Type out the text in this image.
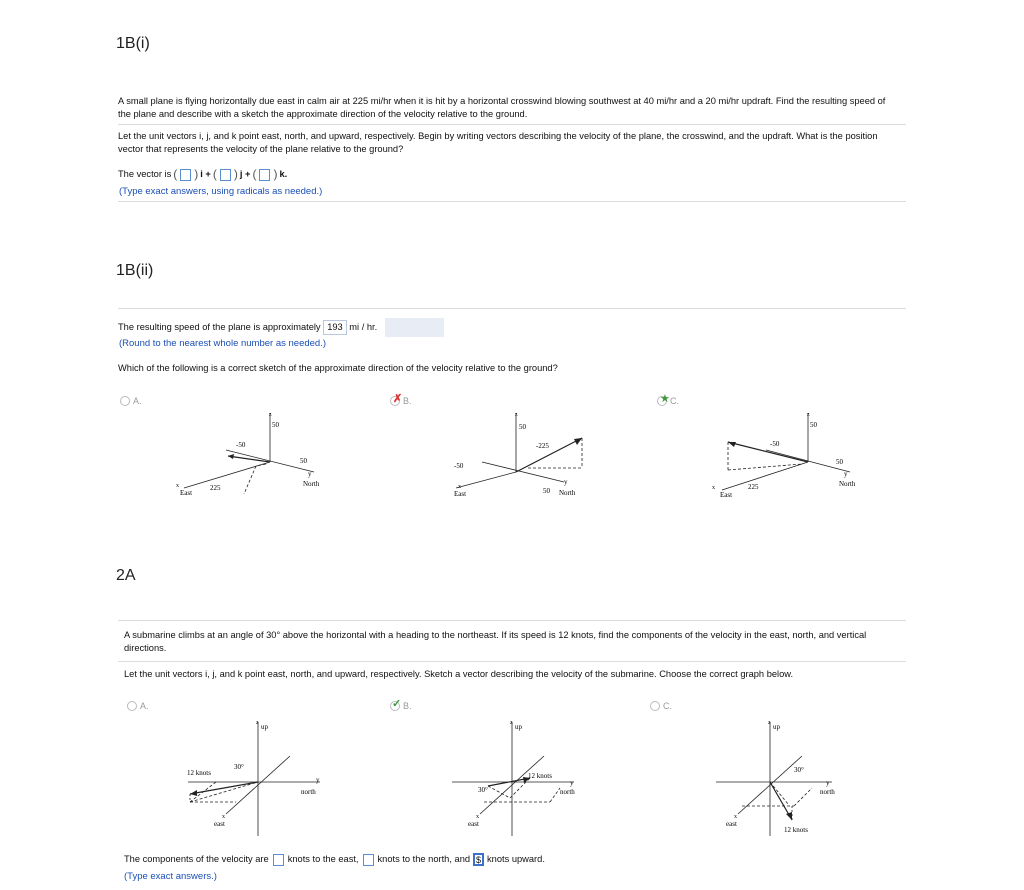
1B(i)
A small plane is flying horizontally due east in calm air at 225 mi/hr when it is hit by a horizontal crosswind blowing southwest at 40 mi/hr and a 20 mi/hr updraft. Find the resulting speed of the plane and describe with a sketch the approximate direction of the velocity relative to the ground.
Let the unit vectors i, j, and k point east, north, and upward, respectively. Begin by writing vectors describing the velocity of the plane, the crosswind, and the updraft. What is the position vector that represents the velocity of the plane relative to the ground?
The vector is ( ) i + ( ) j + ( ) k.
(Type exact answers, using radicals as needed.)
1B(ii)
The resulting speed of the plane is approximately 193 mi / hr.
(Round to the nearest whole number as needed.)
Which of the following is a correct sketch of the approximate direction of the velocity relative to the ground?
A.	✗ B.	★ C.
z
50
-50
50
y
North
225
x
East
z
50
-225
-50
y
50 North
x
East
z
50
-50
50
y
North
225
x
East
2A
A submarine climbs at an angle of 30° above the horizontal with a heading to the northeast. If its speed is 12 knots, find the components of the velocity in the east, north, and vertical directions.
Let the unit vectors i, j, and k point east, north, and upward, respectively. Sketch a vector describing the velocity of the submarine. Choose the correct graph below.
A.	✓ B.	C.
z up
12 knots
30°
y
north
x
east
z up
12 knots
30°
y
north
x
east
z up
30°
y
north
x
east
12 knots
The components of the velocity are knots to the east, knots to the north, and $ knots upward.
(Type exact answers.)
